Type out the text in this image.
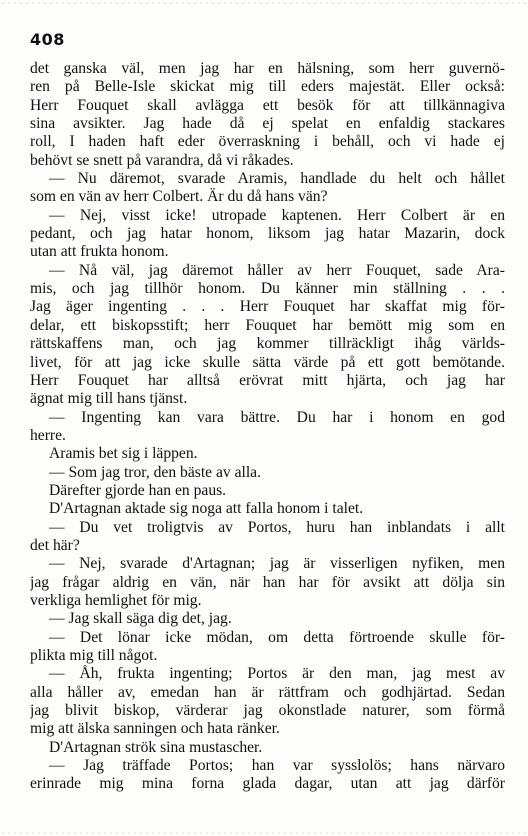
408
det ganska väl, men jag har en hälsning, som herr guvernö-
ren på Belle-Isle skickat mig till eders majestät. Eller också:
Herr Fouquet skall avlägga ett besök för att tillkännagiva
sina avsikter. Jag hade då ej spelat en enfaldig stackares
roll, I haden haft eder överraskning i behåll, och vi hade ej
behövt se snett på varandra, då vi råkades.
— Nu däremot, svarade Aramis, handlade du helt och hållet
som en vän av herr Colbert. Är du då hans vän?
— Nej, visst icke! utropade kaptenen. Herr Colbert är en
pedant, och jag hatar honom, liksom jag hatar Mazarin, dock
utan att frukta honom.
— Nå väl, jag däremot håller av herr Fouquet, sade Ara-
mis, och jag tillhör honom. Du känner min ställning . . .
Jag äger ingenting . . . Herr Fouquet har skaffat mig för-
delar, ett biskopsstift; herr Fouquet har bemött mig som en
rättskaffens man, och jag kommer tillräckligt ihåg världs-
livet, för att jag icke skulle sätta värde på ett gott bemötande.
Herr Fouquet har alltså erövrat mitt hjärta, och jag har
ägnat mig till hans tjänst.
— Ingenting kan vara bättre. Du har i honom en god
herre.
Aramis bet sig i läppen.
— Som jag tror, den bäste av alla.
Därefter gjorde han en paus.
D'Artagnan aktade sig noga att falla honom i talet.
— Du vet troligtvis av Portos, huru han inblandats i allt
det här?
— Nej, svarade d'Artagnan; jag är visserligen nyfiken, men
jag frågar aldrig en vän, när han har för avsikt att dölja sin
verkliga hemlighet för mig.
— Jag skall säga dig det, jag.
— Det lönar icke mödan, om detta förtroende skulle för-
plikta mig till något.
— Åh, frukta ingenting; Portos är den man, jag mest av
alla håller av, emedan han är rättfram och godhjärtad. Sedan
jag blivit biskop, värderar jag okonstlade naturer, som förmå
mig att älska sanningen och hata ränker.
D'Artagnan strök sina mustascher.
— Jag träffade Portos; han var sysslolös; hans närvaro
erinrade mig mina forna glada dagar, utan att jag därför
